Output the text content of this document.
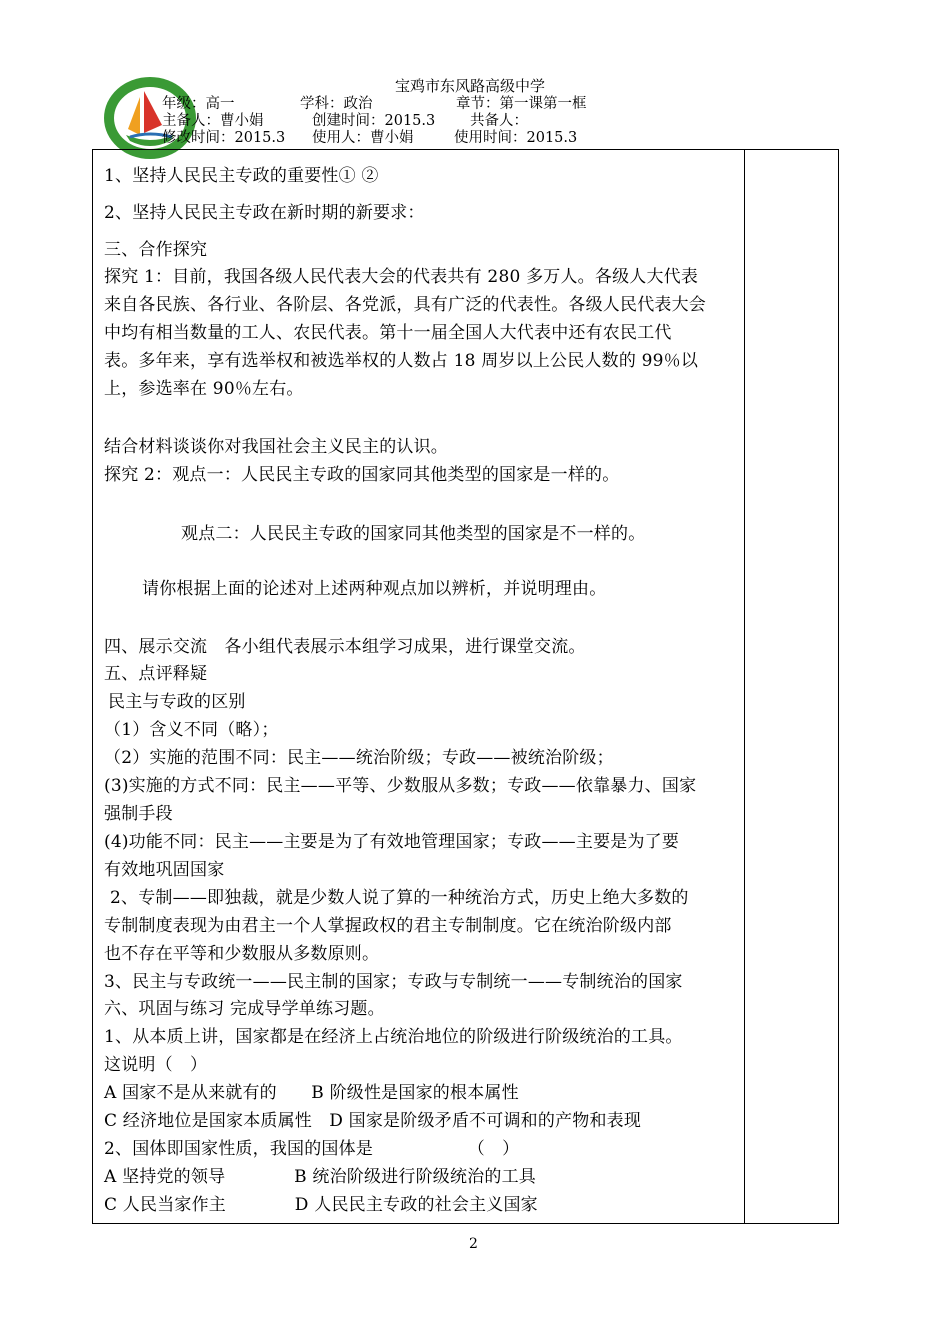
宝鸡市东风路高级中学
年级：高一	学科：政治	章节：第一课第一框
主备人：曹小娟	创建时间：2015.3 共备人：
修改时间：2015.3 使用人：曹小娟	使用时间：2015.3
1、坚持人民民主专政的重要性① ②
2、坚持人民民主专政在新时期的新要求：
三、合作探究
探究 1：目前，我国各级人民代表大会的代表共有 280 多万人。各级人大代表
来自各民族、各行业、各阶层、各党派，具有广泛的代表性。各级人民代表大会
中均有相当数量的工人、农民代表。第十一届全国人大代表中还有农民工代
表。多年来，享有选举权和被选举权的人数占 18 周岁以上公民人数的 99％以
上，参选率在 90％左右。
结合材料谈谈你对我国社会主义民主的认识。
探究 2：观点一：人民民主专政的国家同其他类型的国家是一样的。
观点二：人民民主专政的国家同其他类型的国家是不一样的。
请你根据上面的论述对上述两种观点加以辨析，并说明理由。
四、展示交流　各小组代表展示本组学习成果，进行课堂交流。
五、点评释疑
民主与专政的区别
（1）含义不同（略）；
（2）实施的范围不同：民主——统治阶级；专政——被统治阶级；
(3)实施的方式不同：民主——平等、少数服从多数；专政——依靠暴力、国家
强制手段
(4)功能不同：民主——主要是为了有效地管理国家；专政——主要是为了要
有效地巩固国家
2、专制——即独裁，就是少数人说了算的一种统治方式，历史上绝大多数的
专制制度表现为由君主一个人掌握政权的君主专制制度。它在统治阶级内部
也不存在平等和少数服从多数原则。
3、民主与专政统一——民主制的国家；专政与专制统一——专制统治的国家
六、巩固与练习 完成导学单练习题。
1、从本质上讲，国家都是在经济上占统治地位的阶级进行阶级统治的工具。
这说明（　）
A 国家不是从来就有的　　B 阶级性是国家的根本属性
C 经济地位是国家本质属性　D 国家是阶级矛盾不可调和的产物和表现
2、国体即国家性质，我国的国体是　　　　　　（　）
A 坚持党的领导　　　　B 统治阶级进行阶级统治的工具
C 人民当家作主　　　　D 人民民主专政的社会主义国家
2
